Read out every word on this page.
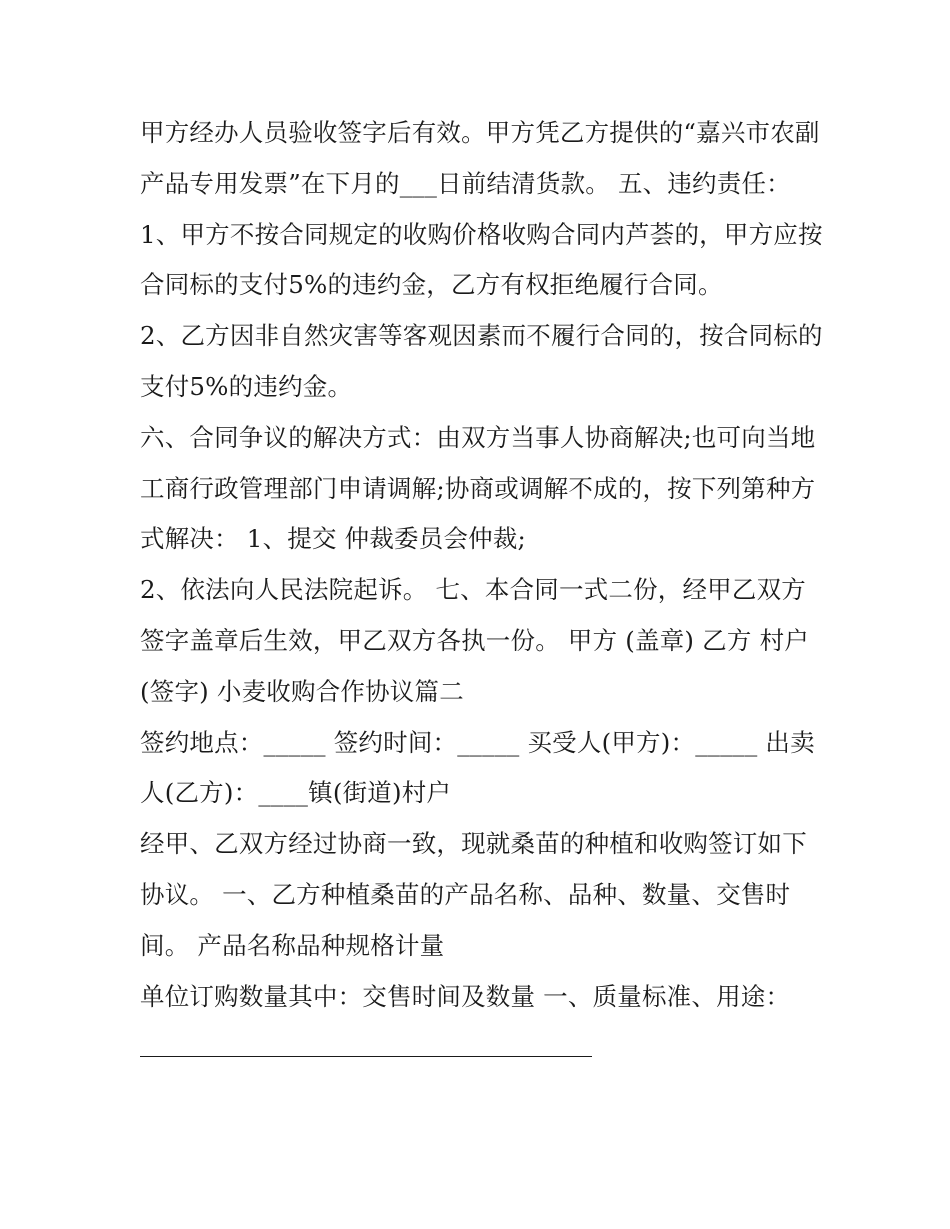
甲方经办人员验收签字后有效。甲方凭乙方提供的“嘉兴市农副产品专用发票”在下月的___日前结清货款。 五、违约责任：

1、甲方不按合同规定的收购价格收购合同内芦荟的，甲方应按合同标的支付5%的违约金，乙方有权拒绝履行合同。

2、乙方因非自然灾害等客观因素而不履行合同的，按合同标的支付5%的违约金。

六、合同争议的解决方式：由双方当事人协商解决;也可向当地工商行政管理部门申请调解;协商或调解不成的，按下列第种方式解决： 1、提交 仲裁委员会仲裁;

2、依法向人民法院起诉。 七、本合同一式二份，经甲乙双方签字盖章后生效，甲乙双方各执一份。 甲方 (盖章) 乙方 村户(签字) 小麦收购合作协议篇二

签约地点：_____ 签约时间：_____ 买受人(甲方)：_____ 出卖人(乙方)：____镇(街道)村户

经甲、乙双方经过协商一致，现就桑苗的种植和收购签订如下协议。 一、乙方种植桑苗的产品名称、品种、数量、交售时间。 产品名称品种规格计量

单位订购数量其中：交售时间及数量 一、质量标准、用途：
